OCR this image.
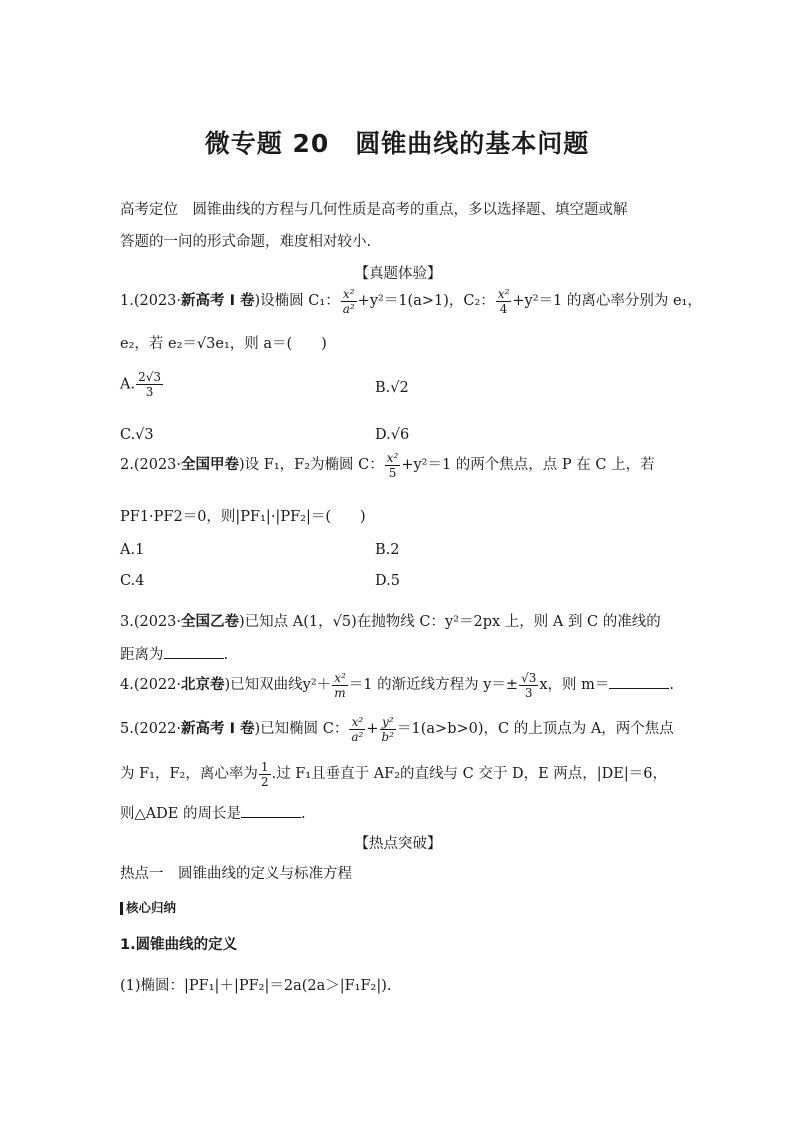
微专题 20　圆锥曲线的基本问题
高考定位　圆锥曲线的方程与几何性质是高考的重点，多以选择题、填空题或解
答题的一问的形式命题，难度相对较小.
【真题体验】
1.(2023·新高考 I 卷)设椭圆 C₁： $\frac{\text{x²}}{\text{a²}} +y^2=1(a>1)$，C₂： $\frac{\text{x²}}{4} +y^2=1$ 的离心率分别为 e₁，
e₂，若 e₂＝√3e₁，则 a＝(　　)
A. $\frac{2√3}{3}$	B.√2
C.√3	D.√6
2.(2023·全国甲卷)设 F₁，F₂为椭圆 C： $\frac{\text{x²}}{5} +y^2=1$ 的两个焦点，点 P 在 C 上，若
PF1·PF2＝0，则|PF₁|·|PF₂|＝(　　)
A.1	B.2
C.4	D.5
3.(2023·全国乙卷)已知点 A(1，√5)在抛物线 C：y²＝2px 上，则 A 到 C 的准线的
距离为	.
4.(2022·北京卷)已知双曲线$y^2+ \frac{\text{x²}}{m} =1$ 的渐近线方程为 $y=\pm \frac{√3}{3}$ x，则 m＝	.
5.(2022·新高考 I 卷)已知椭圆 C： $\frac{\text{x²}}{\text{a²}} + \frac{\text{y²}}{\text{b²}} =1(a>b>0)$，C 的上顶点为 A，两个焦点
为 F₁，F₂，离心率为 $\frac{1}{2}$ .过 F₁且垂直于 AF₂的直线与 C 交于 D，E 两点，|DE|＝6，
则△ADE 的周长是	.
【热点突破】
热点一　圆锥曲线的定义与标准方程
核心归纳
1.圆锥曲线的定义
(1)椭圆：|PF₁|＋|PF₂|＝2a(2a＞|F₁F₂|).
